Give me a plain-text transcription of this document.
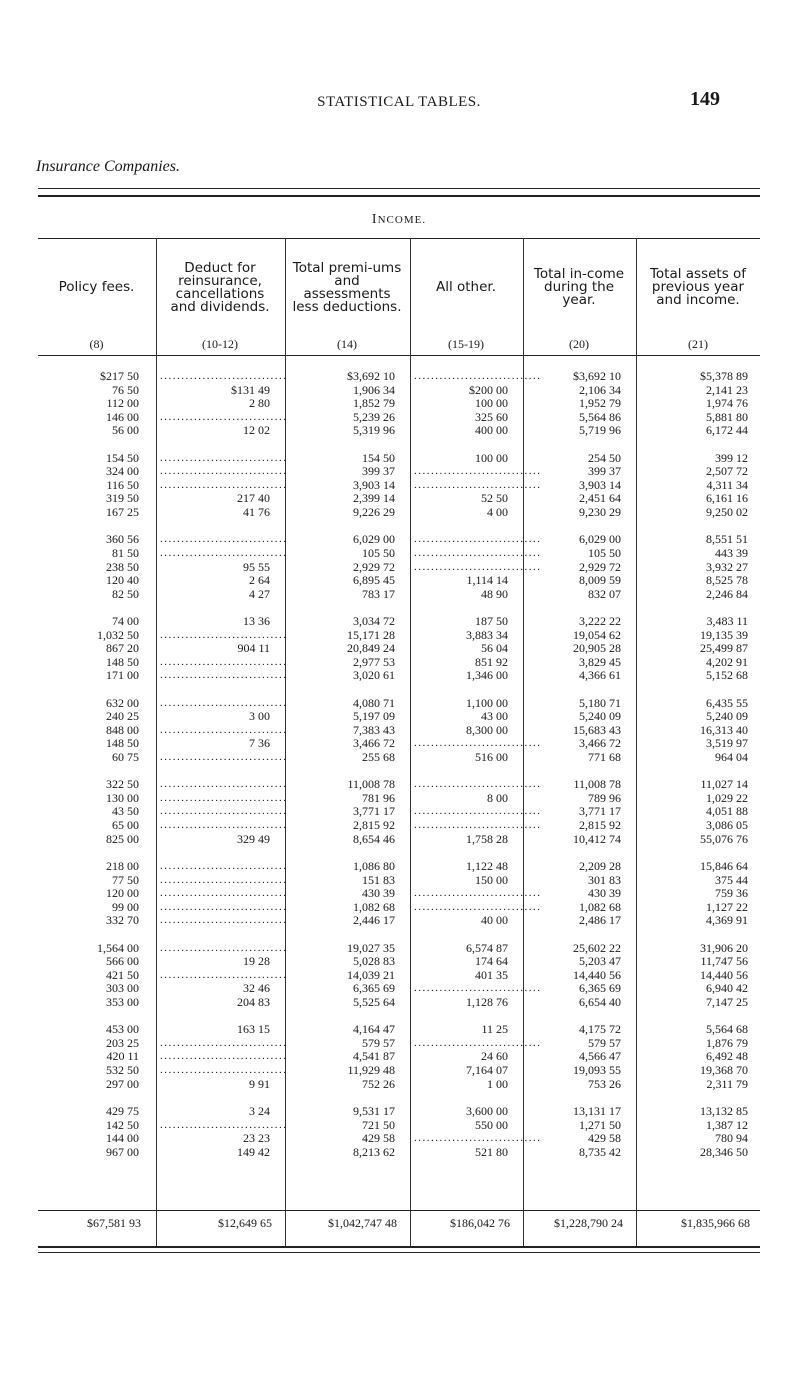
STATISTICAL TABLES.	149
Insurance Companies.
INCOME.
Policy fees.
(8)
Deduct for reinsurance, cancellations and dividends.
(10-12)
Total premi-ums and assessments less deductions.
(14)
All other.
(15-19)
Total in-come during the year.
(20)
Total assets of previous year and income.
(21)
$217 50
76 50
112 00
146 00
56 00
154 50
324 00
116 50
319 50
167 25
360 56
81 50
238 50
120 40
82 50
74 00
1,032 50
867 20
148 50
171 00
632 00
240 25
848 00
148 50
60 75
322 50
130 00
43 50
65 00
825 00
218 00
77 50
120 00
99 00
332 70
1,564 00
566 00
421 50
303 00
353 00
453 00
203 25
420 11
532 50
297 00
429 75
142 50
144 00
967 00
$67,581 93
..............................
$131 49
2 80
..............................
12 02
..............................
..............................
..............................
217 40
41 76
..............................
..............................
95 55
2 64
4 27
13 36
..............................
904 11
..............................
..............................
..............................
3 00
..............................
7 36
..............................
..............................
..............................
..............................
..............................
329 49
..............................
..............................
..............................
..............................
..............................
..............................
19 28
..............................
32 46
204 83
163 15
..............................
..............................
..............................
9 91
3 24
..............................
23 23
149 42
$12,649 65
$3,692 10
1,906 34
1,852 79
5,239 26
5,319 96
154 50
399 37
3,903 14
2,399 14
9,226 29
6,029 00
105 50
2,929 72
6,895 45
783 17
3,034 72
15,171 28
20,849 24
2,977 53
3,020 61
4,080 71
5,197 09
7,383 43
3,466 72
255 68
11,008 78
781 96
3,771 17
2,815 92
8,654 46
1,086 80
151 83
430 39
1,082 68
2,446 17
19,027 35
5,028 83
14,039 21
6,365 69
5,525 64
4,164 47
579 57
4,541 87
11,929 48
752 26
9,531 17
721 50
429 58
8,213 62
$1,042,747 48
..............................
$200 00
100 00
325 60
400 00
100 00
..............................
..............................
52 50
4 00
..............................
..............................
..............................
1,114 14
48 90
187 50
3,883 34
56 04
851 92
1,346 00
1,100 00
43 00
8,300 00
..............................
516 00
..............................
8 00
..............................
..............................
1,758 28
1,122 48
150 00
..............................
..............................
40 00
6,574 87
174 64
401 35
..............................
1,128 76
11 25
..............................
24 60
7,164 07
1 00
3,600 00
550 00
..............................
521 80
$186,042 76
$3,692 10
2,106 34
1,952 79
5,564 86
5,719 96
254 50
399 37
3,903 14
2,451 64
9,230 29
6,029 00
105 50
2,929 72
8,009 59
832 07
3,222 22
19,054 62
20,905 28
3,829 45
4,366 61
5,180 71
5,240 09
15,683 43
3,466 72
771 68
11,008 78
789 96
3,771 17
2,815 92
10,412 74
2,209 28
301 83
430 39
1,082 68
2,486 17
25,602 22
5,203 47
14,440 56
6,365 69
6,654 40
4,175 72
579 57
4,566 47
19,093 55
753 26
13,131 17
1,271 50
429 58
8,735 42
$1,228,790 24
$5,378 89
2,141 23
1,974 76
5,881 80
6,172 44
399 12
2,507 72
4,311 34
6,161 16
9,250 02
8,551 51
443 39
3,932 27
8,525 78
2,246 84
3,483 11
19,135 39
25,499 87
4,202 91
5,152 68
6,435 55
5,240 09
16,313 40
3,519 97
964 04
11,027 14
1,029 22
4,051 88
3,086 05
55,076 76
15,846 64
375 44
759 36
1,127 22
4,369 91
31,906 20
11,747 56
14,440 56
6,940 42
7,147 25
5,564 68
1,876 79
6,492 48
19,368 70
2,311 79
13,132 85
1,387 12
780 94
28,346 50
$1,835,966 68
